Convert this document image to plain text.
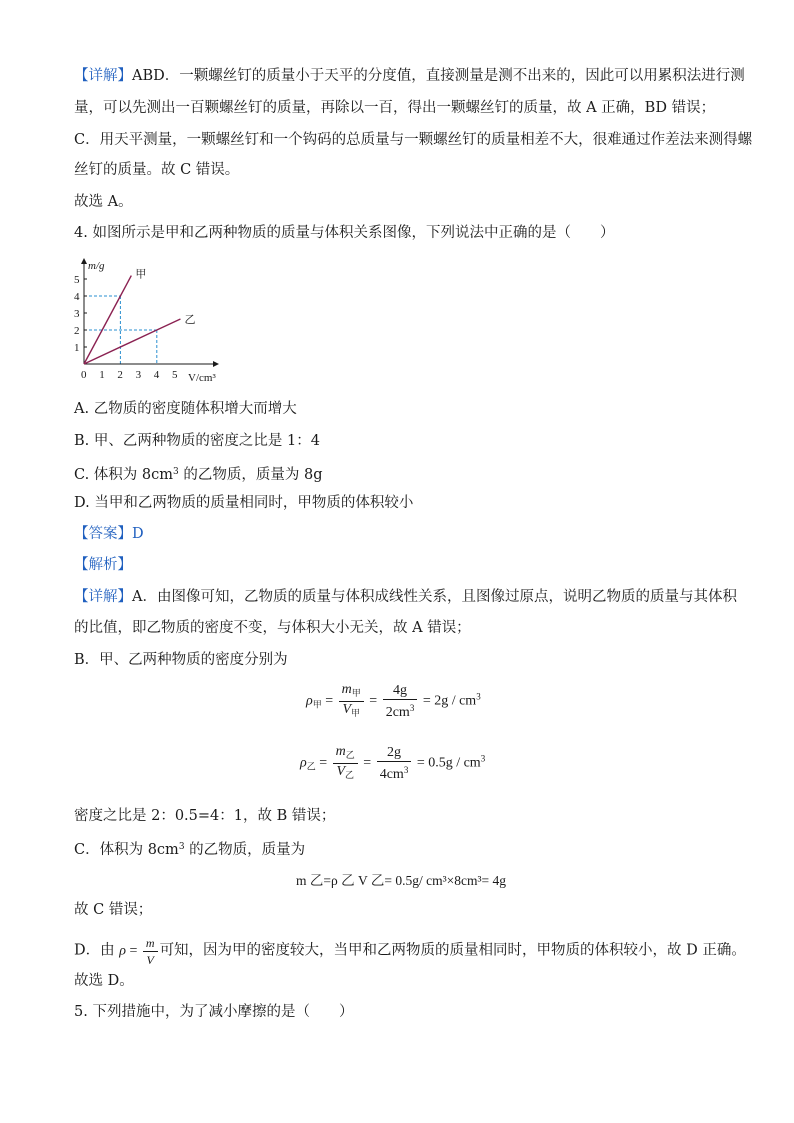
【详解】ABD．一颗螺丝钉的质量小于天平的分度值，直接测量是测不出来的，因此可以用累积法进行测
量，可以先测出一百颗螺丝钉的质量，再除以一百，得出一颗螺丝钉的质量，故 A 正确，BD 错误；
C．用天平测量，一颗螺丝钉和一个钩码的总质量与一颗螺丝钉的质量相差不大，很难通过作差法来测得螺
丝钉的质量。故 C 错误。
故选 A。
4. 如图所示是甲和乙两种物质的质量与体积关系图像，下列说法中正确的是（　　）
0 1 2 3 4 5
1
2
3
4
5	甲
乙
m/g
V/cm³
A. 乙物质的密度随体积增大而增大
B. 甲、乙两种物质的密度之比是 1：4
C. 体积为 $8cm^3$ 的乙物质，质量为 8g
D. 当甲和乙两物质的质量相同时，甲物质的体积较小
【答案】D
【解析】
【详解】A．由图像可知，乙物质的质量与体积成线性关系，且图像过原点，说明乙物质的质量与其体积
的比值，即乙物质的密度不变，与体积大小无关，故 A 错误；
B．甲、乙两种物质的密度分别为
$\rho_甲 = \frac{m_甲}{V_甲} = \frac{4g}{2cm^3} = 2g / cm^3$
$\rho_乙 = \frac{m_乙}{V_乙} = \frac{2g}{4cm^3} = 0.5g / cm^3$
密度之比是 2：0.5=4：1，故 B 错误；
C．体积为 $8cm^3$ 的乙物质，质量为
m 乙=ρ 乙 V 乙= 0.5g/ cm³×8cm³= 4g
故 C 错误；
D．由 $\rho = \frac{m}{V}$ 可知，因为甲的密度较大，当甲和乙两物质的质量相同时，甲物质的体积较小，故 D 正确。
故选 D。
5. 下列措施中，为了减小摩擦的是（　　）
